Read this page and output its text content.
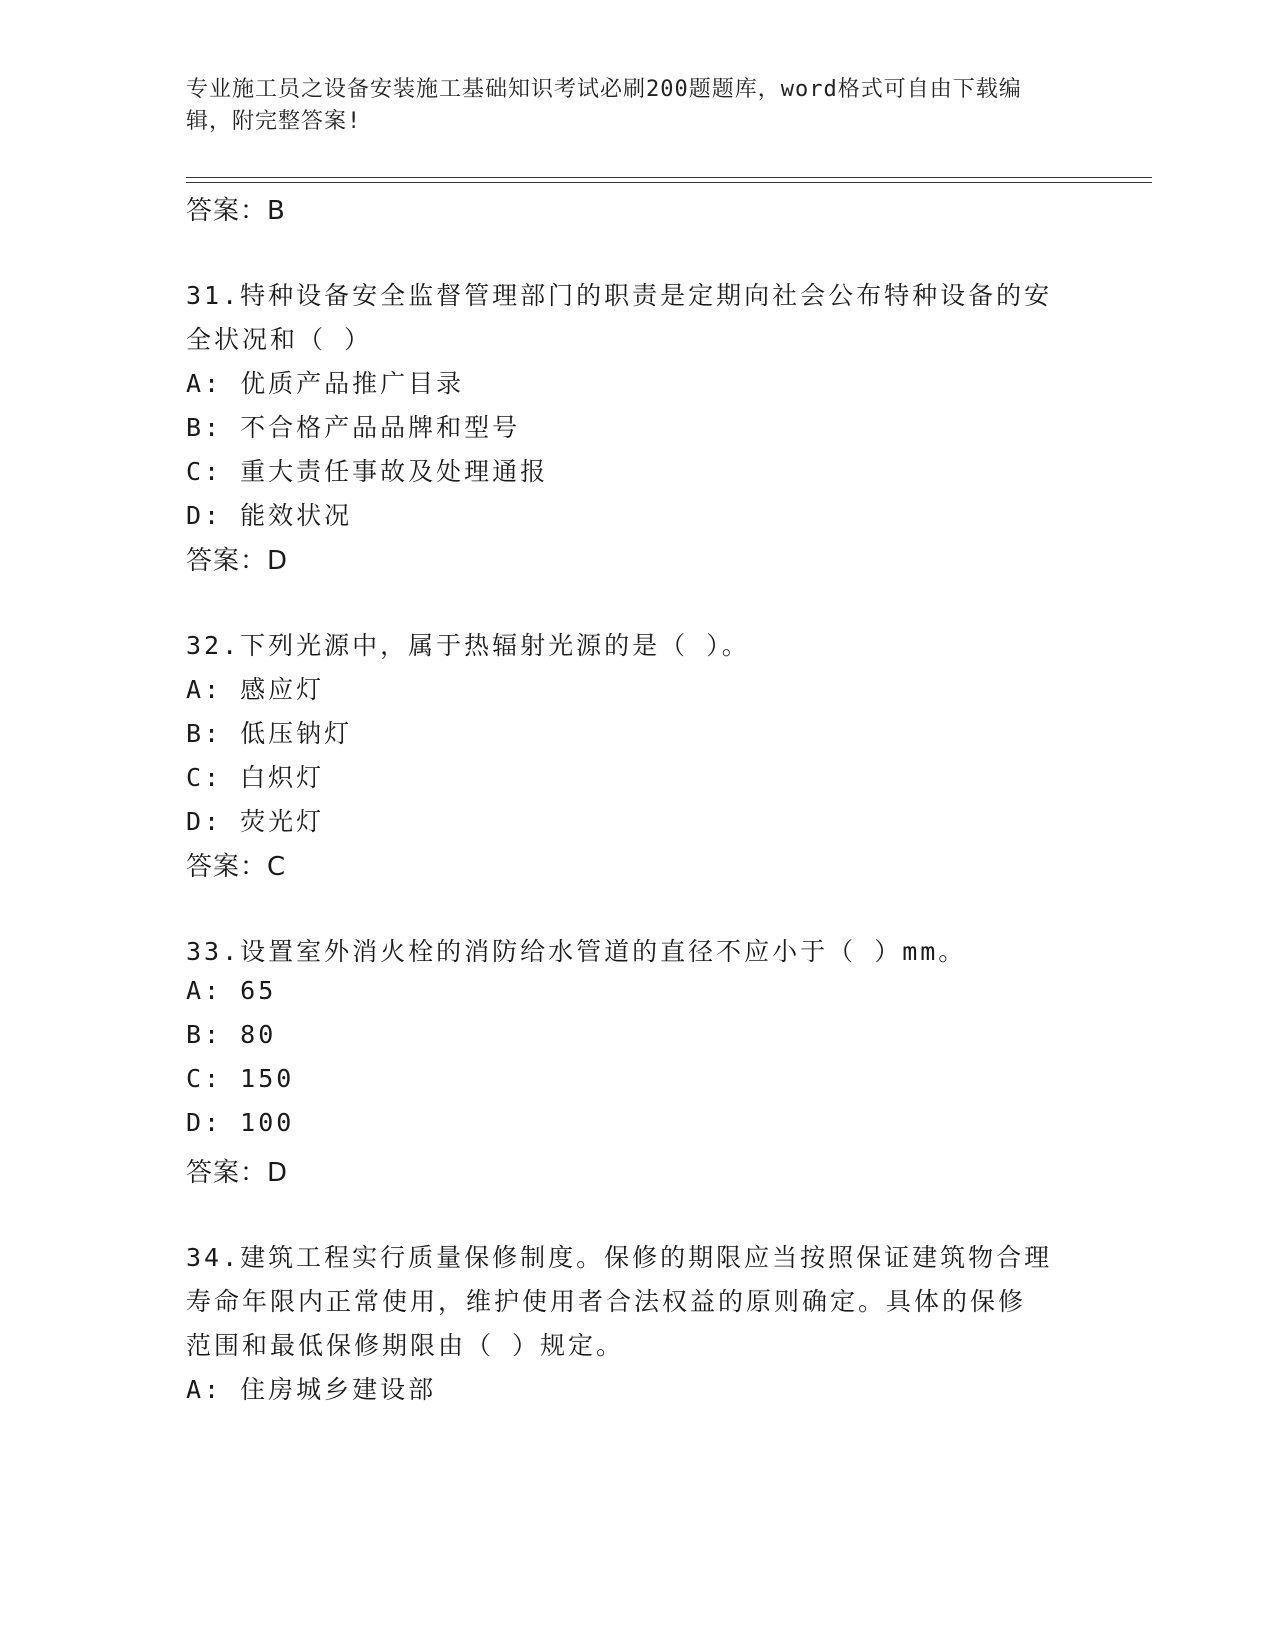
专业施工员之设备安装施工基础知识考试必刷200题题库，word格式可自由下载编辑，附完整答案!
答案：B
31.特种设备安全监督管理部门的职责是定期向社会公布特种设备的安
全状况和（ ）
A: 优质产品推广目录
B: 不合格产品品牌和型号
C: 重大责任事故及处理通报
D: 能效状况
答案：D
32.下列光源中，属于热辐射光源的是（ ）。
A: 感应灯
B: 低压钠灯
C: 白炽灯
D: 荧光灯
答案：C
33.设置室外消火栓的消防给水管道的直径不应小于（ ）mm。
A: 65
B: 80
C: 150
D: 100
答案：D
34.建筑工程实行质量保修制度。保修的期限应当按照保证建筑物合理
寿命年限内正常使用，维护使用者合法权益的原则确定。具体的保修
范围和最低保修期限由（ ）规定。
A: 住房城乡建设部
